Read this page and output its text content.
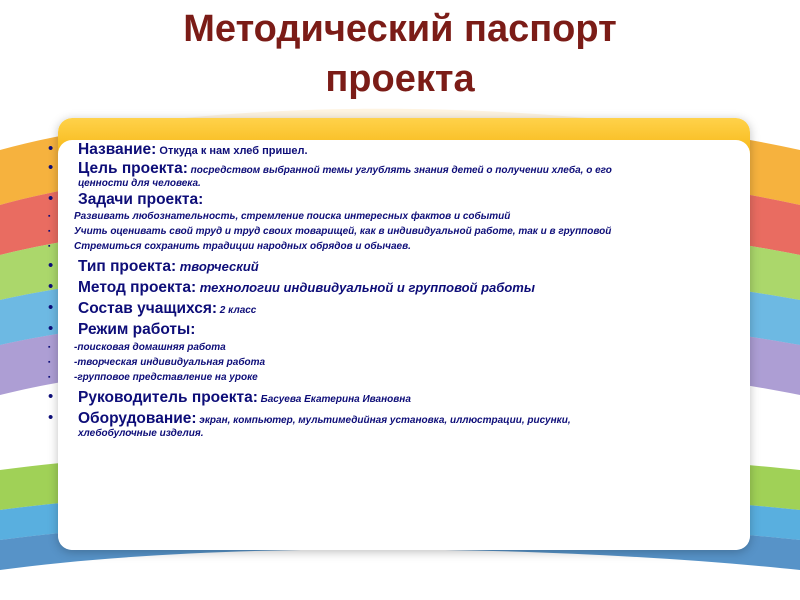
Методический паспорт
проекта
• Название: Откуда к нам хлеб пришел.
• Цель проекта: посредством выбранной темы углублять знания детей о получении хлеба, о его
ценности для человека.
• Задачи проекта:
▪ Развивать любознательность, стремление поиска интересных фактов и событий
▪ Учить оценивать свой труд и труд своих товарищей, как в индивидуальной работе, так и в групповой
▪ Стремиться сохранить традиции народных обрядов и обычаев.
• Тип проекта: творческий
• Метод проекта: технологии индивидуальной и групповой работы
• Состав учащихся: 2 класс
• Режим работы:
▪ -поисковая домашняя работа
▪ -творческая индивидуальная работа
▪ -групповое представление на уроке
• Руководитель проекта: Басуева Екатерина Ивановна
• Оборудование: экран, компьютер, мультимедийная установка, иллюстрации, рисунки,
хлебобулочные изделия.
